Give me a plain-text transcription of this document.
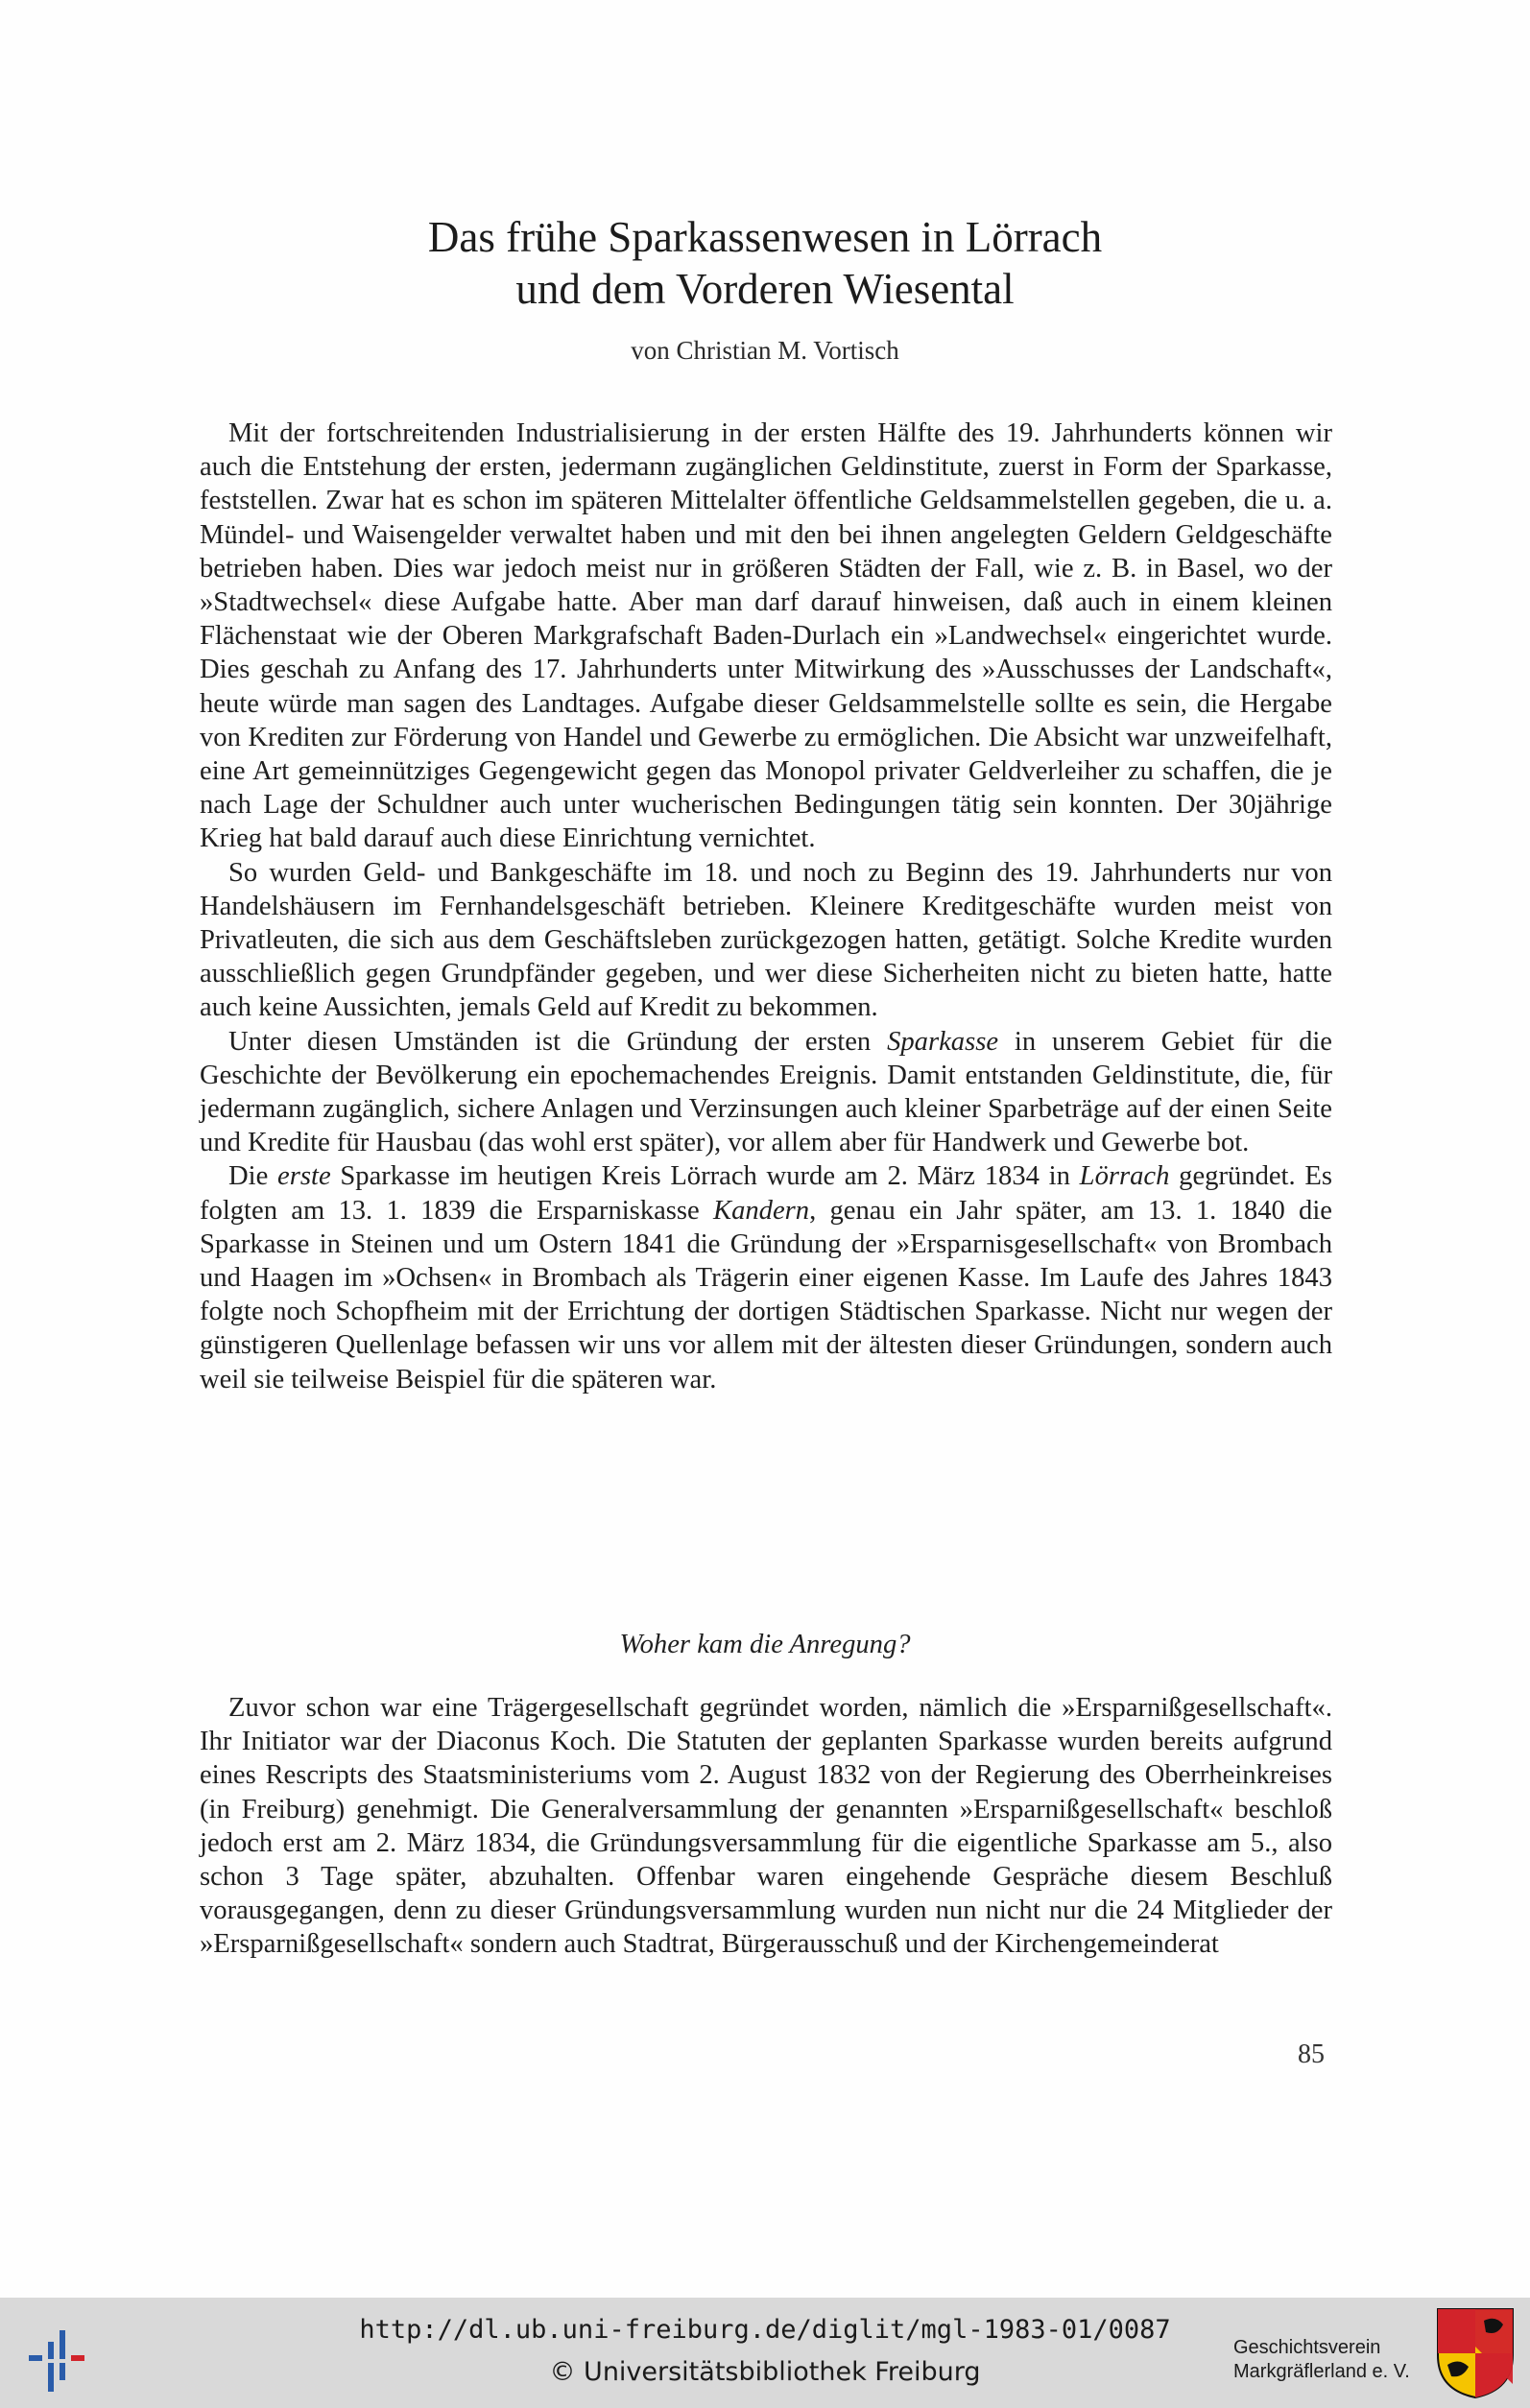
Das frühe Sparkassenwesen in Lörrach
und dem Vorderen Wiesental
von Christian M. Vortisch

Mit der fortschreitenden Industrialisierung in der ersten Hälfte des 19. Jahrhunderts können wir auch die Entstehung der ersten, jedermann zugänglichen Geldinstitute, zuerst in Form der Sparkasse, feststellen. Zwar hat es schon im späteren Mittelalter öffentliche Geldsammelstellen gegeben, die u. a. Mündel- und Waisengelder verwaltet haben und mit den bei ihnen angelegten Geldern Geldgeschäfte betrieben haben. Dies war jedoch meist nur in größeren Städten der Fall, wie z. B. in Basel, wo der »Stadtwechsel« diese Aufgabe hatte. Aber man darf darauf hinweisen, daß auch in einem kleinen Flächenstaat wie der Oberen Markgrafschaft Baden-Durlach ein »Landwechsel« eingerichtet wurde. Dies geschah zu Anfang des 17. Jahrhunderts unter Mitwirkung des »Ausschusses der Landschaft«, heute würde man sagen des Landtages. Aufgabe dieser Geldsammelstelle sollte es sein, die Hergabe von Krediten zur Förderung von Handel und Gewerbe zu ermöglichen. Die Absicht war unzweifelhaft, eine Art gemeinnütziges Gegengewicht gegen das Monopol privater Geldverleiher zu schaffen, die je nach Lage der Schuldner auch unter wucherischen Bedingungen tätig sein konnten. Der 30jährige Krieg hat bald darauf auch diese Einrichtung vernichtet.

So wurden Geld- und Bankgeschäfte im 18. und noch zu Beginn des 19. Jahrhunderts nur von Handelshäusern im Fernhandelsgeschäft betrieben. Kleinere Kreditgeschäfte wurden meist von Privatleuten, die sich aus dem Geschäftsleben zurückgezogen hatten, getätigt. Solche Kredite wurden ausschließlich gegen Grundpfänder gegeben, und wer diese Sicherheiten nicht zu bieten hatte, hatte auch keine Aussichten, jemals Geld auf Kredit zu bekommen.

Unter diesen Umständen ist die Gründung der ersten Sparkasse in unserem Gebiet für die Geschichte der Bevölkerung ein epochemachendes Ereignis. Damit entstanden Geldinstitute, die, für jedermann zugänglich, sichere Anlagen und Verzinsungen auch kleiner Sparbeträge auf der einen Seite und Kredite für Hausbau (das wohl erst später), vor allem aber für Handwerk und Gewerbe bot.

Die erste Sparkasse im heutigen Kreis Lörrach wurde am 2. März 1834 in Lörrach gegründet. Es folgten am 13. 1. 1839 die Ersparniskasse Kandern, genau ein Jahr später, am 13. 1. 1840 die Sparkasse in Steinen und um Ostern 1841 die Gründung der »Ersparnisgesellschaft« von Brombach und Haagen im »Ochsen« in Brombach als Trägerin einer eigenen Kasse. Im Laufe des Jahres 1843 folgte noch Schopfheim mit der Errichtung der dortigen Städtischen Sparkasse. Nicht nur wegen der günstigeren Quellenlage befassen wir uns vor allem mit der ältesten dieser Gründungen, sondern auch weil sie teilweise Beispiel für die späteren war.

Woher kam die Anregung?

Zuvor schon war eine Trägergesellschaft gegründet worden, nämlich die »Ersparnißgesellschaft«. Ihr Initiator war der Diaconus Koch. Die Statuten der geplanten Sparkasse wurden bereits aufgrund eines Rescripts des Staatsministeriums vom 2. August 1832 von der Regierung des Oberrheinkreises (in Freiburg) genehmigt. Die Generalversammlung der genannten »Ersparnißgesellschaft« beschloß jedoch erst am 2. März 1834, die Gründungsversammlung für die eigentliche Sparkasse am 5., also schon 3 Tage später, abzuhalten. Offenbar waren eingehende Gespräche diesem Beschluß vorausgegangen, denn zu dieser Gründungsversammlung wurden nun nicht nur die 24 Mitglieder der »Ersparnißgesellschaft« sondern auch Stadtrat, Bürgerausschuß und der Kirchengemeinderat

85
http://dl.ub.uni-freiburg.de/diglit/mgl-1983-01/0087
© Universitätsbibliothek Freiburg
Geschichtsverein
Markgräflerland e. V.
